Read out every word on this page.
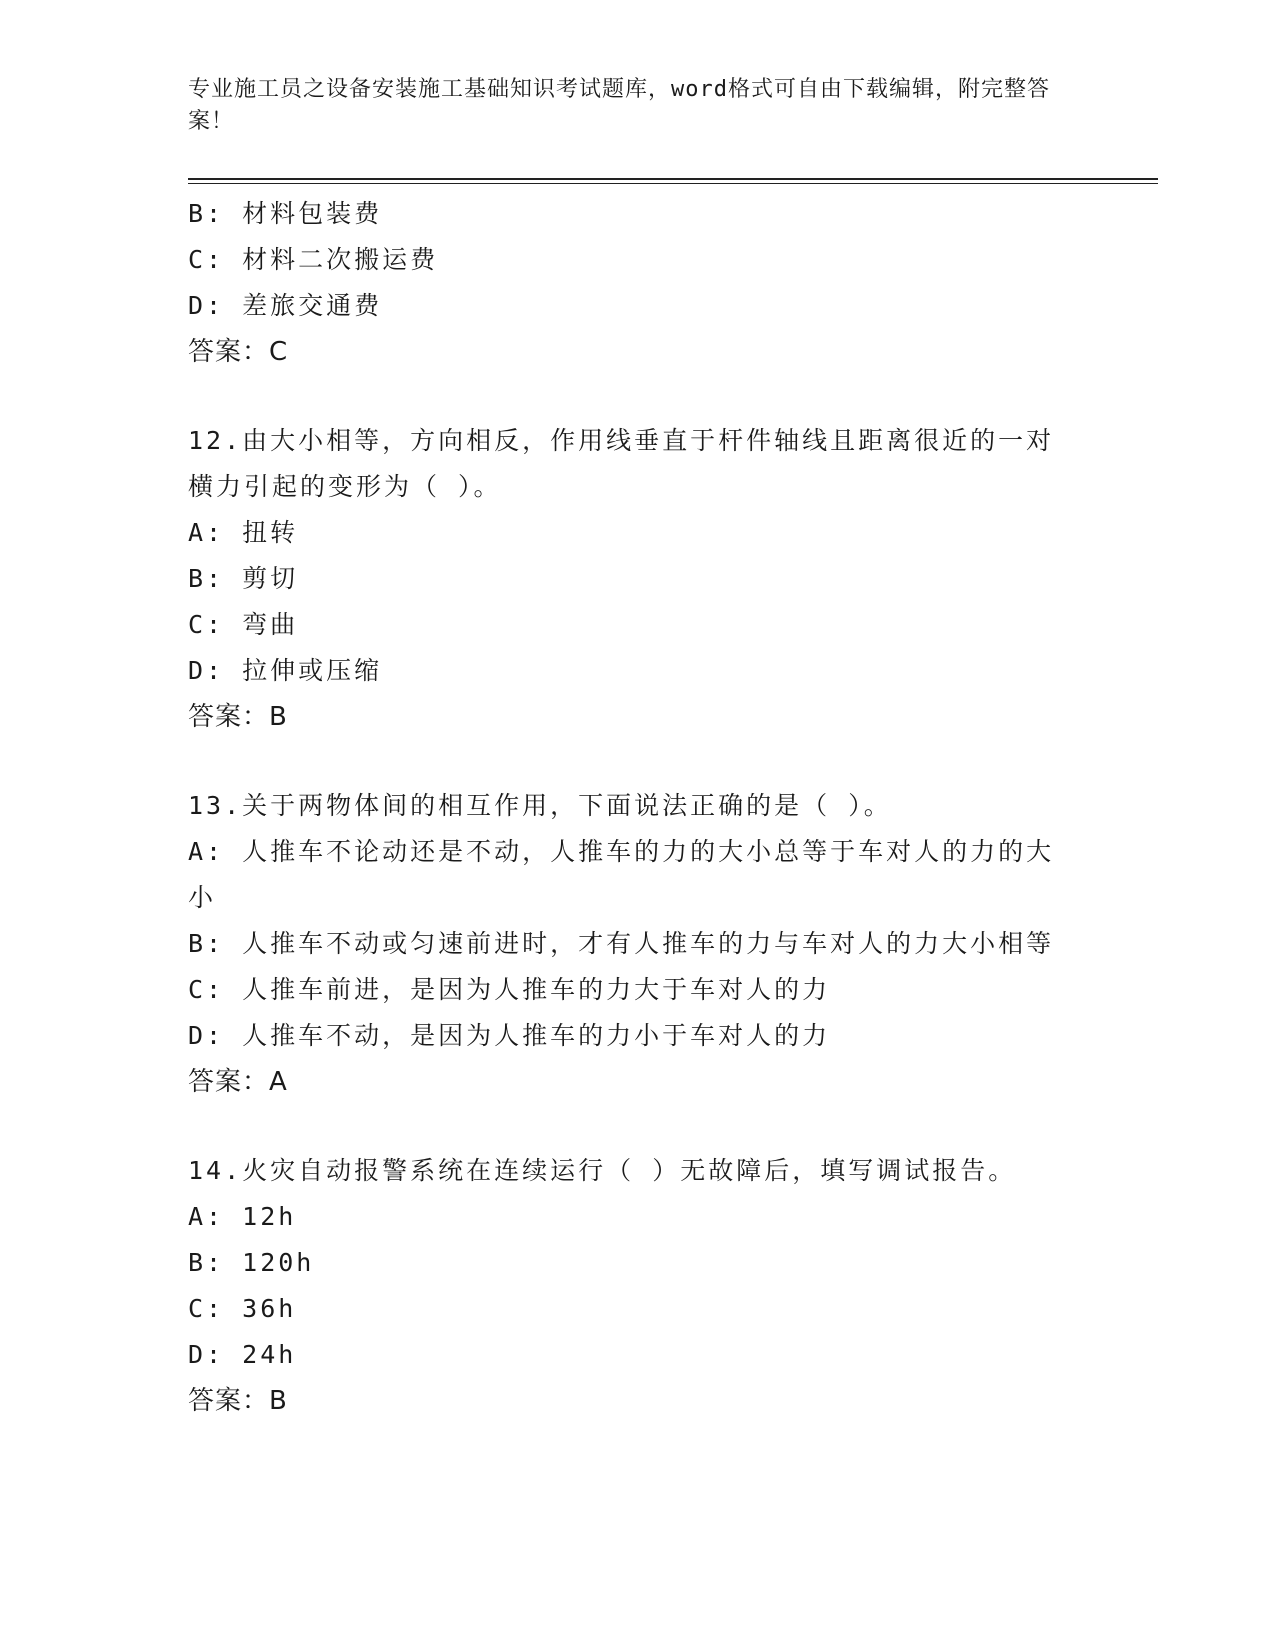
专业施工员之设备安装施工基础知识考试题库，word格式可自由下载编辑，附完整答案！
B: 材料包装费
C: 材料二次搬运费
D: 差旅交通费
答案：C
12.由大小相等，方向相反，作用线垂直于杆件轴线且距离很近的一对
横力引起的变形为（ ）。
A: 扭转
B: 剪切
C: 弯曲
D: 拉伸或压缩
答案：B
13.关于两物体间的相互作用，下面说法正确的是（ ）。
A: 人推车不论动还是不动，人推车的力的大小总等于车对人的力的大
小
B: 人推车不动或匀速前进时，才有人推车的力与车对人的力大小相等
C: 人推车前进，是因为人推车的力大于车对人的力
D: 人推车不动，是因为人推车的力小于车对人的力
答案：A
14.火灾自动报警系统在连续运行（ ）无故障后，填写调试报告。
A: 12h
B: 120h
C: 36h
D: 24h
答案：B
